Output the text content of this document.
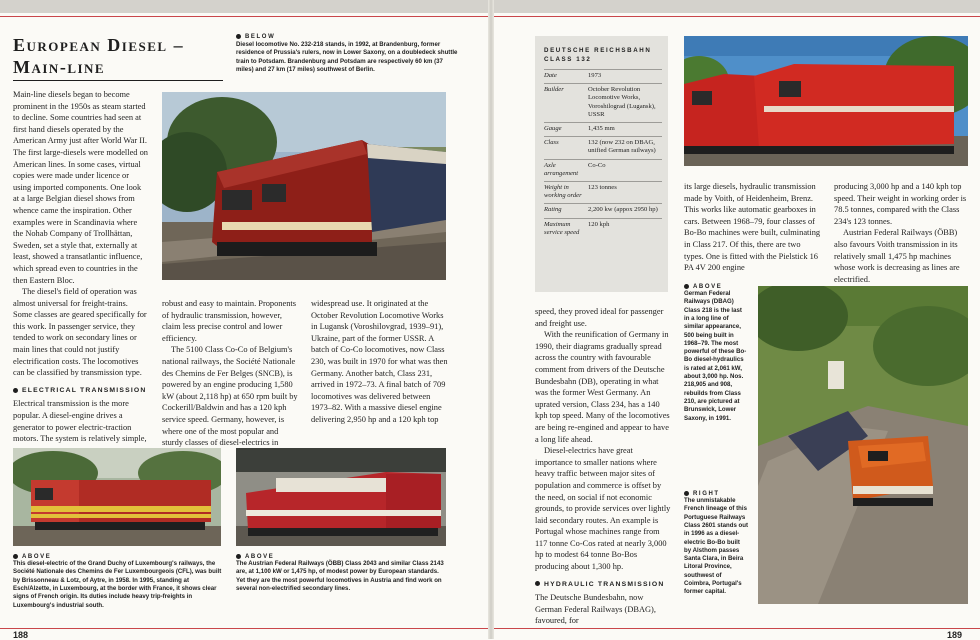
European Diesel –
Main-line
BELOW
Diesel locomotive No. 232-218 stands, in 1992, at Brandenburg, former residence of Prussia's rulers, now in Lower Saxony, on a doubledeck shuttle train to Potsdam. Brandenburg and Potsdam are respectively 60 km (37 miles) and 27 km (17 miles) southwest of Berlin.
Main-line diesels began to become prominent in the 1950s as steam started to decline. Some countries had seen at first hand diesels operated by the American Army just after World War II. The first large-diesels were modelled on American lines. In some cases, virtual copies were made under licence or using imported components. One look at a large Belgian diesel shows from whence came the inspiration. Other examples were in Scandinavia where the Nohab Company of Trollhättan, Sweden, set a style that, externally at least, showed a transatlantic influence, which spread even to countries in the then Eastern Bloc.
The diesel's field of operation was almost universal for freight-trains. Some classes are geared specifically for this work. In passenger service, they tended to work on secondary lines or main lines that could not justify electrification costs. The locomotives can be classified by transmission type.
ELECTRICAL TRANSMISSION
Electrical transmission is the more popular. A diesel-engine drives a generator to power electric-traction motors. The system is relatively simple,
robust and easy to maintain. Proponents of hydraulic transmission, however, claim less precise control and lower efficiency.
The 5100 Class Co-Co of Belgium's national railways, the Société Nationale des Chemins de Fer Belges (SNCB), is powered by an engine producing 1,580 kW (about 2,118 hp) at 650 rpm built by Cockerill/Baldwin and has a 120 kph service speed. Germany, however, is where one of the most popular and sturdy classes of diesel-electrics in
widespread use. It originated at the October Revolution Locomotive Works in Lugansk (Voroshilovgrad, 1939–91), Ukraine, part of the former USSR. A batch of Co-Co locomotives, now Class 230, was built in 1970 for what was then Germany. Another batch, Class 231, arrived in 1972–73. A final batch of 709 locomotives was delivered between 1973–82. With a massive diesel engine delivering 2,950 hp and a 120 kph top
ABOVE
This diesel-electric of the Grand Duchy of Luxembourg's railways, the Société Nationale des Chemins de Fer Luxembourgeois (CFL), was built by Brissonneau & Lotz, of Aytre, in 1958. In 1995, standing at Esch/Alzette, in Luxembourg, at the border with France, it shows clear signs of French origin. Its duties include heavy trip-freights in Luxembourg's industrial south.
ABOVE
The Austrian Federal Railways (ÖBB) Class 2043 and similar Class 2143 are, at 1,100 kW or 1,475 hp, of modest power by European standards. Yet they are the most powerful locomotives in Austria and find work on several non-electrified secondary lines.
188
DEUTSCHE REICHSBAHN CLASS 132
Date	1973
Builder	October Revolution Locomotive Works, Voroshilograd (Lugansk), USSR
Gauge	1,435 mm
Class	132 (now 232 on DBAG, unified German railways)
Axle arrangement	Co-Co
Weight in working order	123 tonnes
Rating	2,200 kw (appox 2950 hp)
Maximum service speed	120 kph
speed, they proved ideal for passenger and freight use.
With the reunification of Germany in 1990, their diagrams gradually spread across the country with favourable comment from drivers of the Deutsche Bundesbahn (DB), operating in what was the former West Germany. An uprated version, Class 234, has a 140 kph top speed. Many of the locomotives are being re-engined and appear to have a long life ahead.
Diesel-electrics have great importance to smaller nations where heavy traffic between major sites of population and commerce is offset by the need, on social if not economic grounds, to provide services over lightly laid secondary routes. An example is Portugal whose machines range from 117 tonne Co-Cos rated at nearly 3,000 hp to modest 64 tonne Bo-Bos producing about 1,300 hp.
HYDRAULIC TRANSMISSION
The Deutsche Bundesbahn, now German Federal Railways (DBAG), favoured, for
its large diesels, hydraulic transmission made by Voith, of Heidenheim, Brenz. This works like automatic gearboxes in cars. Between 1968–79, four classes of Bo-Bo machines were built, culminating in Class 217. Of this, there are two types. One is fitted with the Pielstick 16 PA 4V 200 engine
producing 3,000 hp and a 140 kph top speed. Their weight in working order is 78.5 tonnes, compared with the Class 234's 123 tonnes.
Austrian Federal Railways (ÖBB) also favours Voith transmission in its relatively small 1,475 hp machines whose work is decreasing as lines are electrified.
ABOVE
German Federal Railways (DBAG) Class 218 is the last in a long line of similar appearance, 500 being built in 1968–79. The most powerful of these Bo-Bo diesel-hydraulics is rated at 2,061 kW, about 3,000 hp. Nos. 218,905 and 908, rebuilds from Class 210, are pictured at Brunswick, Lower Saxony, in 1991.
RIGHT
The unmistakable French lineage of this Portuguese Railways Class 2601 stands out in 1996 as a diesel-electric Bo-Bo built by Alsthom passes Santa Clara, in Beira Litoral Province, southwest of Coimbra, Portugal's former capital.
189
